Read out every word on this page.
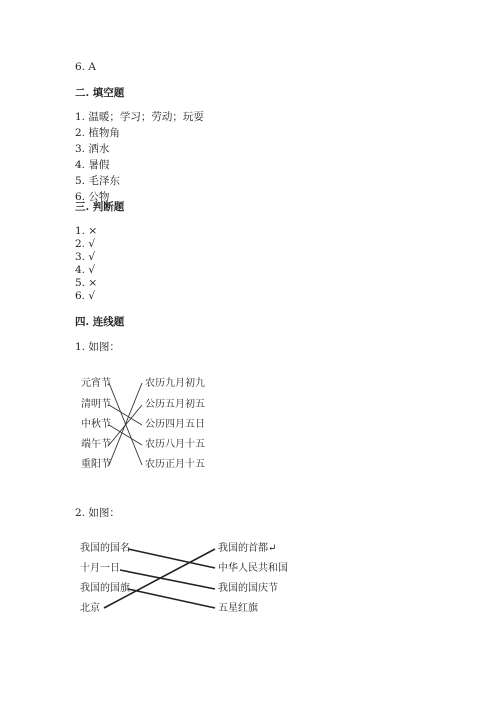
6. A
二. 填空题
1. 温暖；学习；劳动；玩耍
2. 植物角
3. 洒水
4. 暑假
5. 毛泽东
6. 公物
三. 判断题
1. ×
2. √
3. √
4. √
5. ×
6. √
四. 连线题
1. 如图：
元宵节
清明节
中秋节
端午节
重阳节
农历九月初九
公历五月初五
公历四月五日
农历八月十五
农历正月十五
2. 如图：
我国的国名
十月一日
我国的国旗
北京
我国的首都↵
中华人民共和国
我国的国庆节
五星红旗
